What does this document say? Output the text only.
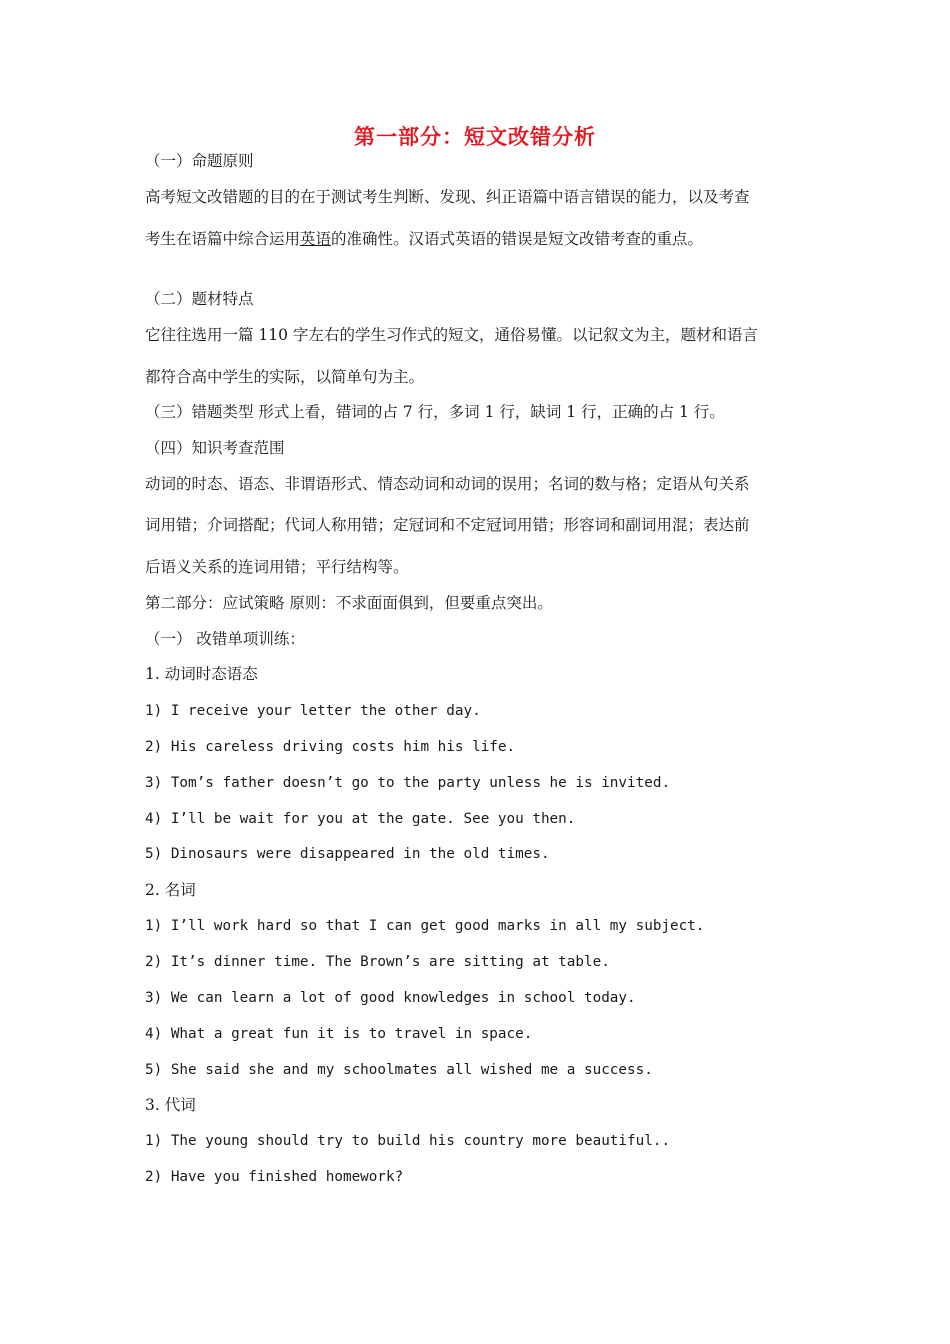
第一部分：短文改错分析
（一）命题原则
高考短文改错题的目的在于测试考生判断、发现、纠正语篇中语言错误的能力，以及考查
考生在语篇中综合运用英语的准确性。汉语式英语的错误是短文改错考查的重点。
（二）题材特点
它往往选用一篇 110 字左右的学生习作式的短文，通俗易懂。以记叙文为主，题材和语言
都符合高中学生的实际，以简单句为主。
（三）错题类型 形式上看，错词的占 7 行，多词 1 行，缺词 1 行，正确的占 1 行。
（四）知识考查范围
动词的时态、语态、非谓语形式、情态动词和动词的误用；名词的数与格；定语从句关系
词用错；介词搭配；代词人称用错；定冠词和不定冠词用错；形容词和副词用混；表达前
后语义关系的连词用错；平行结构等。
第二部分：应试策略 原则：不求面面俱到，但要重点突出。
（一） 改错单项训练：
1. 动词时态语态
1) I receive your letter the other day.
2) His careless driving costs him his life.
3) Tom’s father doesn’t go to the party unless he is invited.
4) I’ll be wait for you at the gate. See you then.
5) Dinosaurs were disappeared in the old times.
2. 名词
1) I’ll work hard so that I can get good marks in all my subject.
2) It’s dinner time. The Brown’s are sitting at table.
3) We can learn a lot of good knowledges in school today.
4) What a great fun it is to travel in space.
5) She said she and my schoolmates all wished me a success.
3. 代词
1) The young should try to build his country more beautiful..
2) Have you finished homework?
